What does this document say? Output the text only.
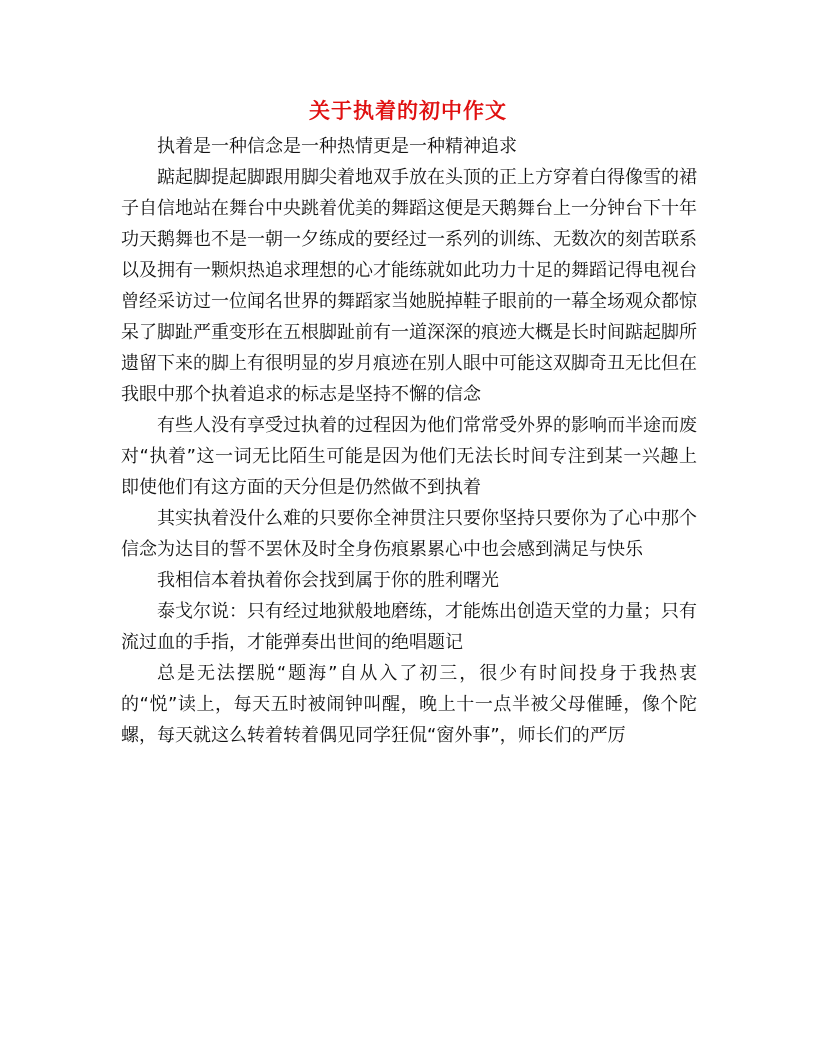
关于执着的初中作文

执着是一种信念是一种热情更是一种精神追求

踮起脚提起脚跟用脚尖着地双手放在头顶的正上方穿着白得像雪的裙子自信地站在舞台中央跳着优美的舞蹈这便是天鹅舞台上一分钟台下十年功天鹅舞也不是一朝一夕练成的要经过一系列的训练、无数次的刻苦联系以及拥有一颗炽热追求理想的心才能练就如此功力十足的舞蹈记得电视台曾经采访过一位闻名世界的舞蹈家当她脱掉鞋子眼前的一幕全场观众都惊呆了脚趾严重变形在五根脚趾前有一道深深的痕迹大概是长时间踮起脚所遗留下来的脚上有很明显的岁月痕迹在别人眼中可能这双脚奇丑无比但在我眼中那个执着追求的标志是坚持不懈的信念

有些人没有享受过执着的过程因为他们常常受外界的影响而半途而废对“执着”这一词无比陌生可能是因为他们无法长时间专注到某一兴趣上即使他们有这方面的天分但是仍然做不到执着

其实执着没什么难的只要你全神贯注只要你坚持只要你为了心中那个信念为达目的誓不罢休及时全身伤痕累累心中也会感到满足与快乐

我相信本着执着你会找到属于你的胜利曙光

泰戈尔说：只有经过地狱般地磨练，才能炼出创造天堂的力量；只有流过血的手指，才能弹奏出世间的绝唱题记

总是无法摆脱“题海”自从入了初三，很少有时间投身于我热衷的“悦”读上，每天五时被闹钟叫醒，晚上十一点半被父母催睡，像个陀螺，每天就这么转着转着偶见同学狂侃“窗外事”，师长们的严厉
